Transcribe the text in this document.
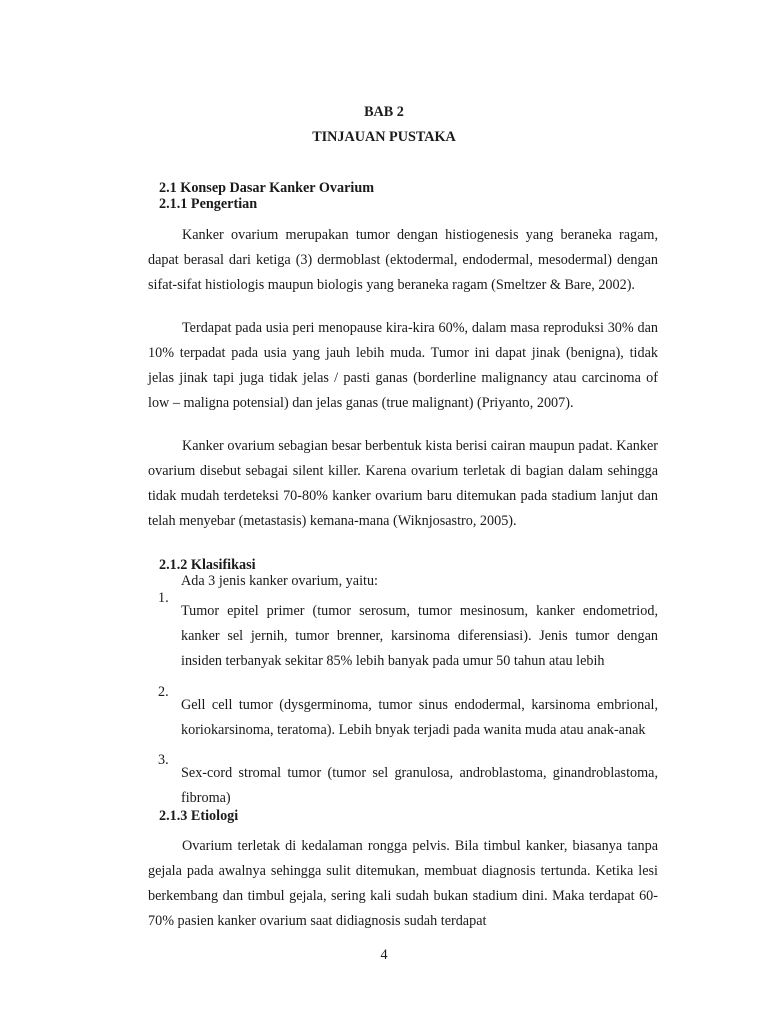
BAB 2
TINJAUAN PUSTAKA
2.1 Konsep Dasar Kanker Ovarium
2.1.1 Pengertian

Kanker ovarium merupakan tumor dengan histiogenesis yang beraneka ragam, dapat berasal dari ketiga (3) dermoblast (ektodermal, endodermal, mesodermal) dengan sifat-sifat histiologis maupun biologis yang beraneka ragam (Smeltzer & Bare, 2002).

Terdapat pada usia peri menopause kira-kira 60%, dalam masa reproduksi 30% dan 10% terpadat pada usia yang jauh lebih muda. Tumor ini dapat jinak (benigna), tidak jelas jinak tapi juga tidak jelas / pasti ganas (borderline malignancy atau carcinoma of low – maligna potensial) dan jelas ganas (true malignant) (Priyanto, 2007).

Kanker ovarium sebagian besar berbentuk kista berisi cairan maupun padat. Kanker ovarium disebut sebagai silent killer. Karena ovarium terletak di bagian dalam sehingga tidak mudah terdeteksi 70-80% kanker ovarium baru ditemukan pada stadium lanjut dan telah menyebar (metastasis) kemana-mana (Wiknjosastro, 2005).

2.1.2 Klasifikasi
Ada 3 jenis kanker ovarium, yaitu:
1.

Tumor epitel primer (tumor serosum, tumor mesinosum, kanker endometriod, kanker sel jernih, tumor brenner, karsinoma diferensiasi). Jenis tumor dengan insiden terbanyak sekitar 85% lebih banyak pada umur 50 tahun atau lebih

2.

Gell cell tumor (dysgerminoma, tumor sinus endodermal, karsinoma embrional, koriokarsinoma, teratoma). Lebih bnyak terjadi pada wanita muda atau anak-anak

3.

Sex-cord stromal tumor (tumor sel granulosa, androblastoma, ginandroblastoma, fibroma)

2.1.3 Etiologi

Ovarium terletak di kedalaman rongga pelvis. Bila timbul kanker, biasanya tanpa gejala pada awalnya sehingga sulit ditemukan, membuat diagnosis tertunda. Ketika lesi berkembang dan timbul gejala, sering kali sudah bukan stadium dini. Maka terdapat 60-70% pasien kanker ovarium saat didiagnosis sudah terdapat

4
